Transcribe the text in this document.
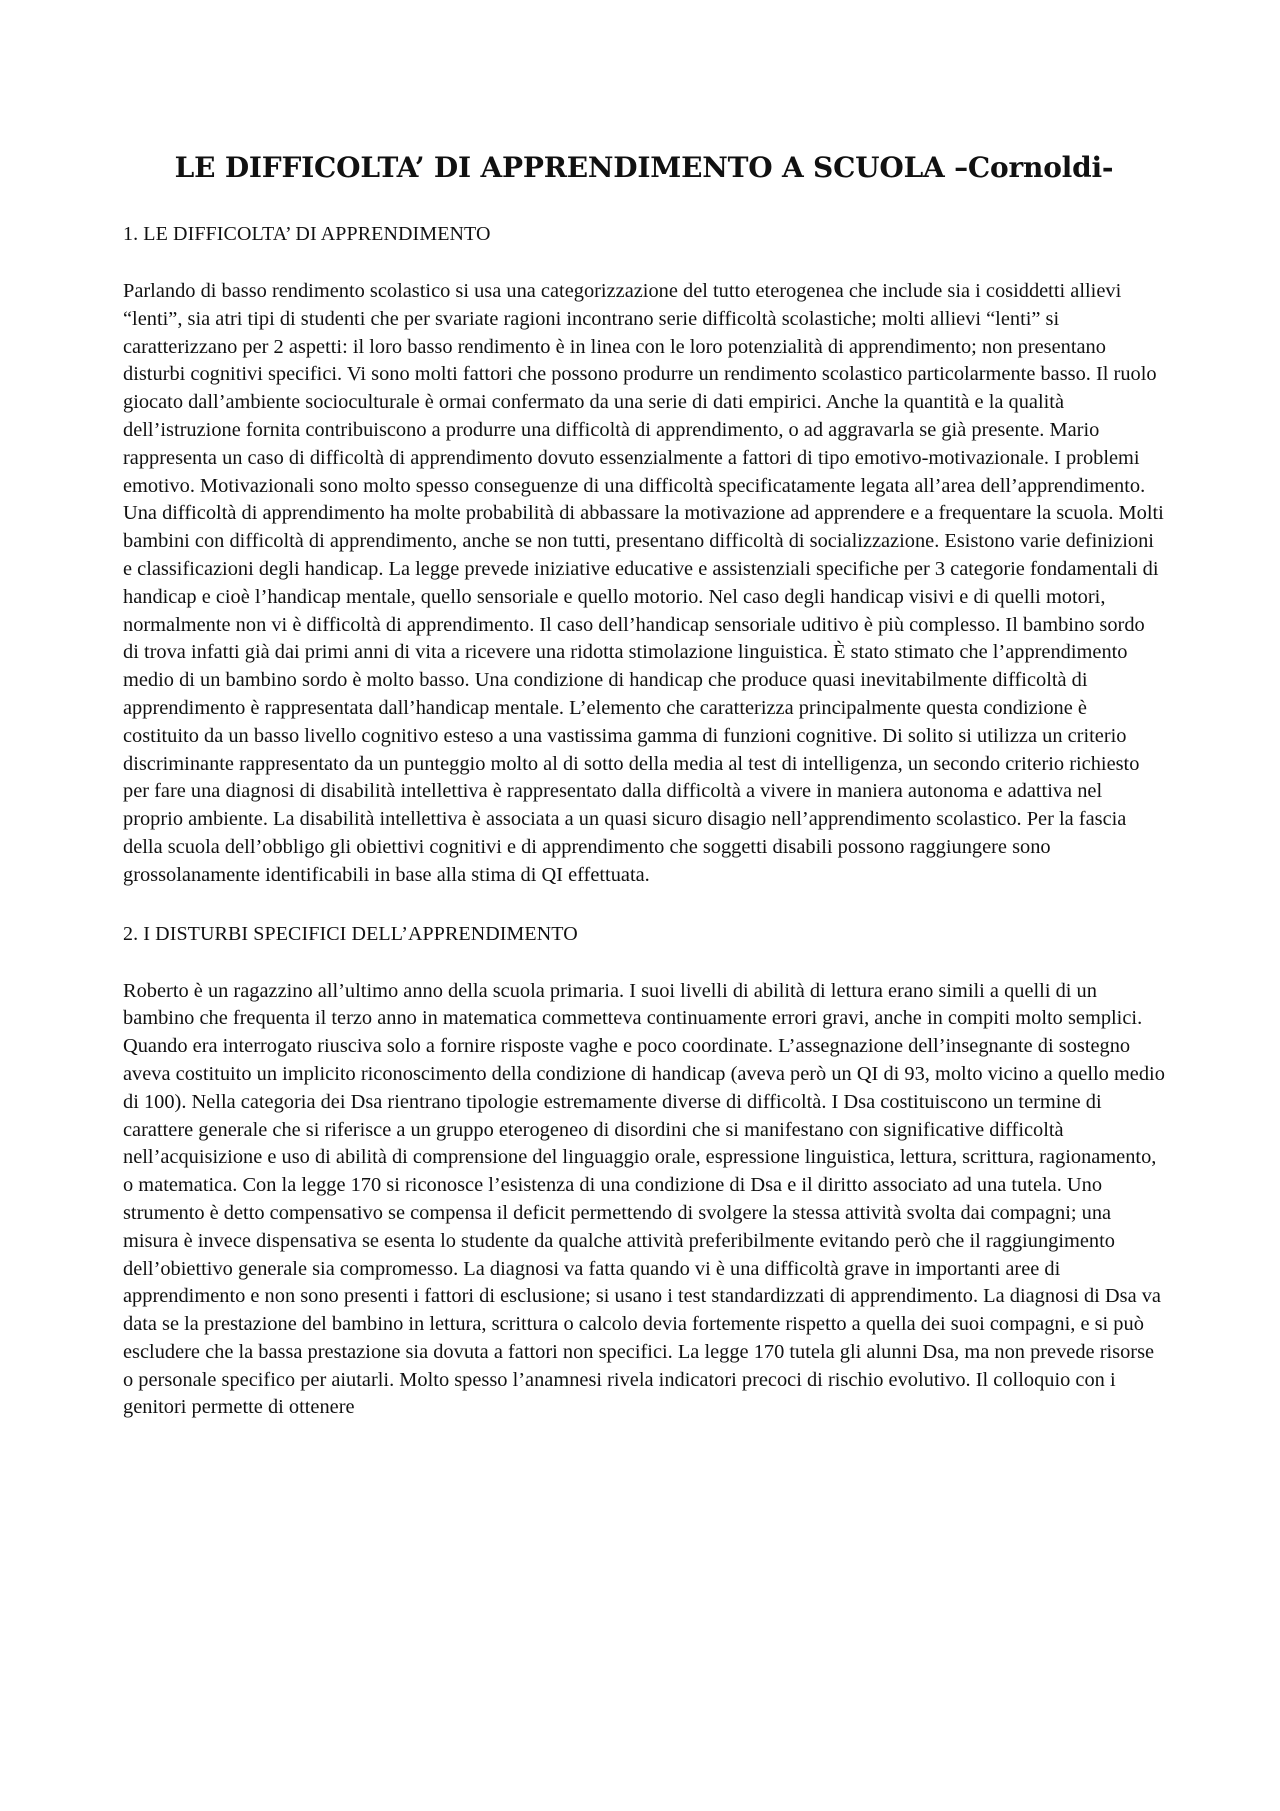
LE DIFFICOLTA’ DI APPRENDIMENTO A SCUOLA –Cornoldi-
1. LE DIFFICOLTA’ DI APPRENDIMENTO

Parlando di basso rendimento scolastico si usa una categorizzazione del tutto eterogenea che include sia i cosiddetti allievi “lenti”, sia atri tipi di studenti che per svariate ragioni incontrano serie difficoltà scolastiche; molti allievi “lenti” si caratterizzano per 2 aspetti: il loro basso rendimento è in linea con le loro potenzialità di apprendimento; non presentano disturbi cognitivi specifici. Vi sono molti fattori che possono produrre un rendimento scolastico particolarmente basso. Il ruolo giocato dall’ambiente socioculturale è ormai confermato da una serie di dati empirici. Anche la quantità e la qualità dell’istruzione fornita contribuiscono a produrre una difficoltà di apprendimento, o ad aggravarla se già presente. Mario rappresenta un caso di difficoltà di apprendimento dovuto essenzialmente a fattori di tipo emotivo-motivazionale. I problemi emotivo. Motivazionali sono molto spesso conseguenze di una difficoltà specificatamente legata all’area dell’apprendimento. Una difficoltà di apprendimento ha molte probabilità di abbassare la motivazione ad apprendere e a frequentare la scuola. Molti bambini con difficoltà di apprendimento, anche se non tutti, presentano difficoltà di socializzazione. Esistono varie definizioni e classificazioni degli handicap. La legge prevede iniziative educative e assistenziali specifiche per 3 categorie fondamentali di handicap e cioè l’handicap mentale, quello sensoriale e quello motorio. Nel caso degli handicap visivi e di quelli motori, normalmente non vi è difficoltà di apprendimento. Il caso dell’handicap sensoriale uditivo è più complesso. Il bambino sordo di trova infatti già dai primi anni di vita a ricevere una ridotta stimolazione linguistica. È stato stimato che l’apprendimento medio di un bambino sordo è molto basso. Una condizione di handicap che produce quasi inevitabilmente difficoltà di apprendimento è rappresentata dall’handicap mentale. L’elemento che caratterizza principalmente questa condizione è costituito da un basso livello cognitivo esteso a una vastissima gamma di funzioni cognitive. Di solito si utilizza un criterio discriminante rappresentato da un punteggio molto al di sotto della media al test di intelligenza, un secondo criterio richiesto per fare una diagnosi di disabilità intellettiva è rappresentato dalla difficoltà a vivere in maniera autonoma e adattiva nel proprio ambiente. La disabilità intellettiva è associata a un quasi sicuro disagio nell’apprendimento scolastico. Per la fascia della scuola dell’obbligo gli obiettivi cognitivi e di apprendimento che soggetti disabili possono raggiungere sono grossolanamente identificabili in base alla stima di QI effettuata.

2. I DISTURBI SPECIFICI DELL’APPRENDIMENTO

Roberto è un ragazzino all’ultimo anno della scuola primaria. I suoi livelli di abilità di lettura erano simili a quelli di un bambino che frequenta il terzo anno in matematica commetteva continuamente errori gravi, anche in compiti molto semplici. Quando era interrogato riusciva solo a fornire risposte vaghe e poco coordinate. L’assegnazione dell’insegnante di sostegno aveva costituito un implicito riconoscimento della condizione di handicap (aveva però un QI di 93, molto vicino a quello medio di 100). Nella categoria dei Dsa rientrano tipologie estremamente diverse di difficoltà. I Dsa costituiscono un termine di carattere generale che si riferisce a un gruppo eterogeneo di disordini che si manifestano con significative difficoltà nell’acquisizione e uso di abilità di comprensione del linguaggio orale, espressione linguistica, lettura, scrittura, ragionamento, o matematica. Con la legge 170 si riconosce l’esistenza di una condizione di Dsa e il diritto associato ad una tutela. Uno strumento è detto compensativo se compensa il deficit permettendo di svolgere la stessa attività svolta dai compagni; una misura è invece dispensativa se esenta lo studente da qualche attività preferibilmente evitando però che il raggiungimento dell’obiettivo generale sia compromesso. La diagnosi va fatta quando vi è una difficoltà grave in importanti aree di apprendimento e non sono presenti i fattori di esclusione; si usano i test standardizzati di apprendimento. La diagnosi di Dsa va data se la prestazione del bambino in lettura, scrittura o calcolo devia fortemente rispetto a quella dei suoi compagni, e si può escludere che la bassa prestazione sia dovuta a fattori non specifici. La legge 170 tutela gli alunni Dsa, ma non prevede risorse o personale specifico per aiutarli. Molto spesso l’anamnesi rivela indicatori precoci di rischio evolutivo. Il colloquio con i genitori permette di ottenere
